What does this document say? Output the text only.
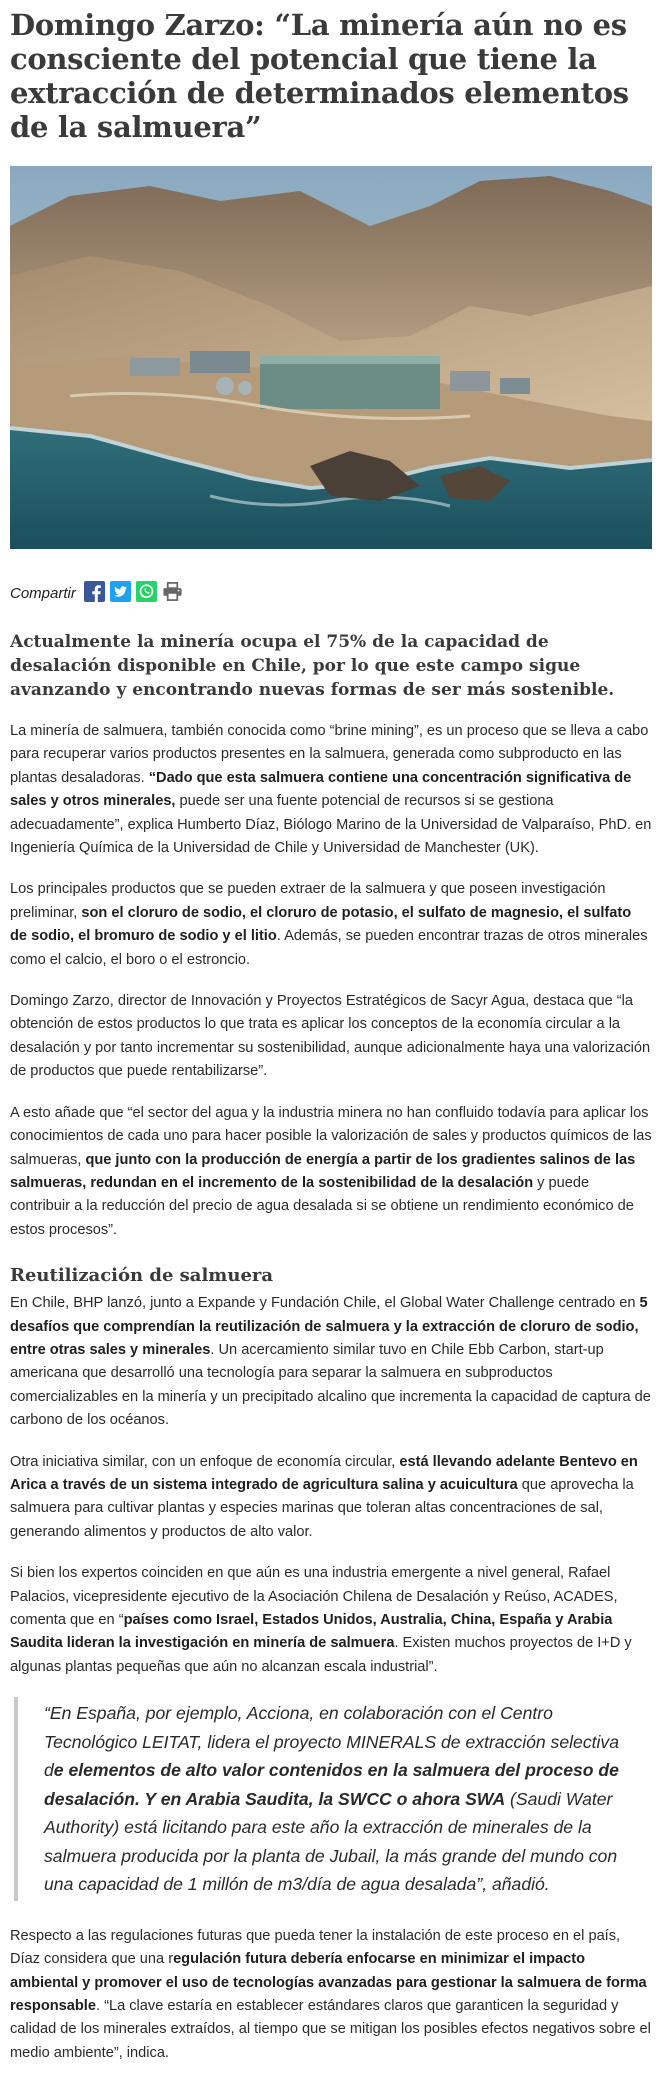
Domingo Zarzo: “La minería aún no es consciente del potencial que tiene la extracción de determinados elementos de la salmuera”
Compartir

Actualmente la minería ocupa el 75% de la capacidad de desalación disponible en Chile, por lo que este campo sigue avanzando y encontrando nuevas formas de ser más sostenible.

La minería de salmuera, también conocida como “brine mining”, es un proceso que se lleva a cabo para recuperar varios productos presentes en la salmuera, generada como subproducto en las plantas desaladoras. “Dado que esta salmuera contiene una concentración significativa de sales y otros minerales, puede ser una fuente potencial de recursos si se gestiona adecuadamente”, explica Humberto Díaz, Biólogo Marino de la Universidad de Valparaíso, PhD. en Ingeniería Química de la Universidad de Chile y Universidad de Manchester (UK).

Los principales productos que se pueden extraer de la salmuera y que poseen investigación preliminar, son el cloruro de sodio, el cloruro de potasio, el sulfato de magnesio, el sulfato de sodio, el bromuro de sodio y el litio. Además, se pueden encontrar trazas de otros minerales como el calcio, el boro o el estroncio.

Domingo Zarzo, director de Innovación y Proyectos Estratégicos de Sacyr Agua, destaca que “la obtención de estos productos lo que trata es aplicar los conceptos de la economía circular a la desalación y por tanto incrementar su sostenibilidad, aunque adicionalmente haya una valorización de productos que puede rentabilizarse”.

A esto añade que “el sector del agua y la industria minera no han confluido todavía para aplicar los conocimientos de cada uno para hacer posible la valorización de sales y productos químicos de las salmueras, que junto con la producción de energía a partir de los gradientes salinos de las salmueras, redundan en el incremento de la sostenibilidad de la desalación y puede contribuir a la reducción del precio de agua desalada si se obtiene un rendimiento económico de estos procesos”.

Reutilización de salmuera

En Chile, BHP lanzó, junto a Expande y Fundación Chile, el Global Water Challenge centrado en 5 desafíos que comprendían la reutilización de salmuera y la extracción de cloruro de sodio, entre otras sales y minerales. Un acercamiento similar tuvo en Chile Ebb Carbon, start-up americana que desarrolló una tecnología para separar la salmuera en subproductos comercializables en la minería y un precipitado alcalino que incrementa la capacidad de captura de carbono de los océanos.

Otra iniciativa similar, con un enfoque de economía circular, está llevando adelante Bentevo en Arica a través de un sistema integrado de agricultura salina y acuicultura que aprovecha la salmuera para cultivar plantas y especies marinas que toleran altas concentraciones de sal, generando alimentos y productos de alto valor.

Si bien los expertos coinciden en que aún es una industria emergente a nivel general, Rafael Palacios, vicepresidente ejecutivo de la Asociación Chilena de Desalación y Reúso, ACADES, comenta que en “países como Israel, Estados Unidos, Australia, China, España y Arabia Saudita lideran la investigación en minería de salmuera. Existen muchos proyectos de I+D y algunas plantas pequeñas que aún no alcanzan escala industrial”.

“En España, por ejemplo, Acciona, en colaboración con el Centro Tecnológico LEITAT, lidera el proyecto MINERALS de extracción selectiva de elementos de alto valor contenidos en la salmuera del proceso de desalación. Y en Arabia Saudita, la SWCC o ahora SWA (Saudi Water Authority) está licitando para este año la extracción de minerales de la salmuera producida por la planta de Jubail, la más grande del mundo con una capacidad de 1 millón de m3/día de agua desalada”, añadió.

Respecto a las regulaciones futuras que pueda tener la instalación de este proceso en el país, Díaz considera que una regulación futura debería enfocarse en minimizar el impacto ambiental y promover el uso de tecnologías avanzadas para gestionar la salmuera de forma responsable. “La clave estaría en establecer estándares claros que garanticen la seguridad y calidad de los minerales extraídos, al tiempo que se mitigan los posibles efectos negativos sobre el medio ambiente”, indica.
